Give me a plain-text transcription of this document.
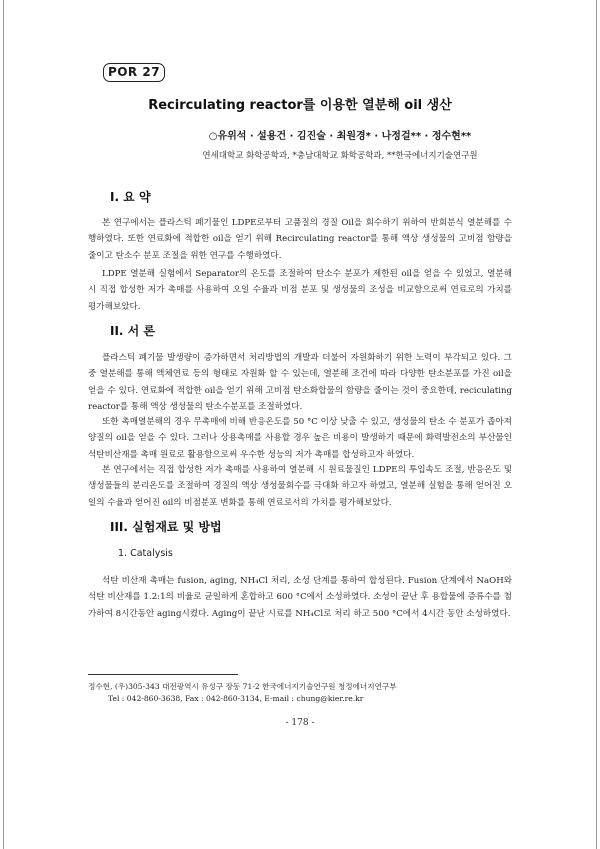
POR 27
Recirculating reactor를 이용한 열분해 oil 생산
○유위석 · 설용건 · 김진술 · 최원경* · 나정걸** · 정수현**
연세대학교 화학공학과, *충남대학교 화학공학과, **한국에너지기술연구원
I. 요 약

본 연구에서는 플라스틱 폐기물인 LDPE로부터 고품질의 경질 Oil을 회수하기 위하여 반회분식 열분해를 수행하였다. 또한 연료화에 적합한 oil을 얻기 위해 Recirculating reactor를 통해 액상 생성물의 고비점 함량을 줄이고 탄소수 분포 조절을 위한 연구를 수행하였다.

LDPE 열분해 실험에서 Separator의 온도를 조절하여 탄소수 분포가 제한된 oil을 얻을 수 있었고, 열분해 시 직접 합성한 저가 촉매를 사용하여 오일 수율과 비점 분포 및 생성물의 조성을 비교함으로써 연료로의 가치를 평가해보았다.

II. 서 론

플라스틱 폐기물 발생량이 증가하면서 처리방법의 개발과 더불어 자원화하기 위한 노력이 부각되고 있다. 그 중 열분해를 통해 액체연료 등의 형태로 자원화 할 수 있는데, 열분해 조건에 따라 다양한 탄소분포를 가진 oil을 얻을 수 있다. 연료화에 적합한 oil을 얻기 위해 고비점 탄소화합물의 함량을 줄이는 것이 중요한데, reciculating reactor를 통해 액상 생성물의 탄소수분포를 조절하였다.

또한 촉매열분해의 경우 무촉매에 비해 반응온도를 50 °C 이상 낮출 수 있고, 생성물의 탄소 수 분포가 좁아져 양질의 oil을 얻을 수 있다. 그러나 상용촉매를 사용할 경우 높은 비용이 발생하기 때문에 화력발전소의 부산물인 석탄비산재를 촉매 원료로 활용함으로써 우수한 성능의 저가 촉매를 합성하고자 하였다.

본 연구에서는 직접 합성한 저가 촉매를 사용하여 열분해 시 원료물질인 LDPE의 투입속도 조절, 반응온도 및 생성물들의 분리온도를 조절하여 경질의 액상 생성물회수를 극대화 하고자 하였고, 열분해 실험을 통해 얻어진 오일의 수율과 얻어진 oil의 비점분포 변화를 통해 연료로서의 가치를 평가해보았다.

III. 실험재료 및 방법
1. Catalysis

석탄 비산재 촉매는 fusion, aging, NH₄Cl 처리, 소성 단계를 통하여 합성된다. Fusion 단계에서 NaOH와 석탄 비산재를 1.2:1의 비율로 균일하게 혼합하고 600 °C에서 소성하였다. 소성이 끝난 후 용합물에 증류수를 첨가하여 8시간동안 aging시켰다. Aging이 끝난 시료를 NH₄Cl로 처리 하고 500 °C에서 4시간 동안 소성하였다.

정수현, (우)305-343 대전광역시 유성구 장동 71-2 한국에너지기술연구원 청정에너지연구부

Tel : 042-860-3638, Fax : 042-860-3134, E-mail : chung@kier.re.kr

- 178 -
